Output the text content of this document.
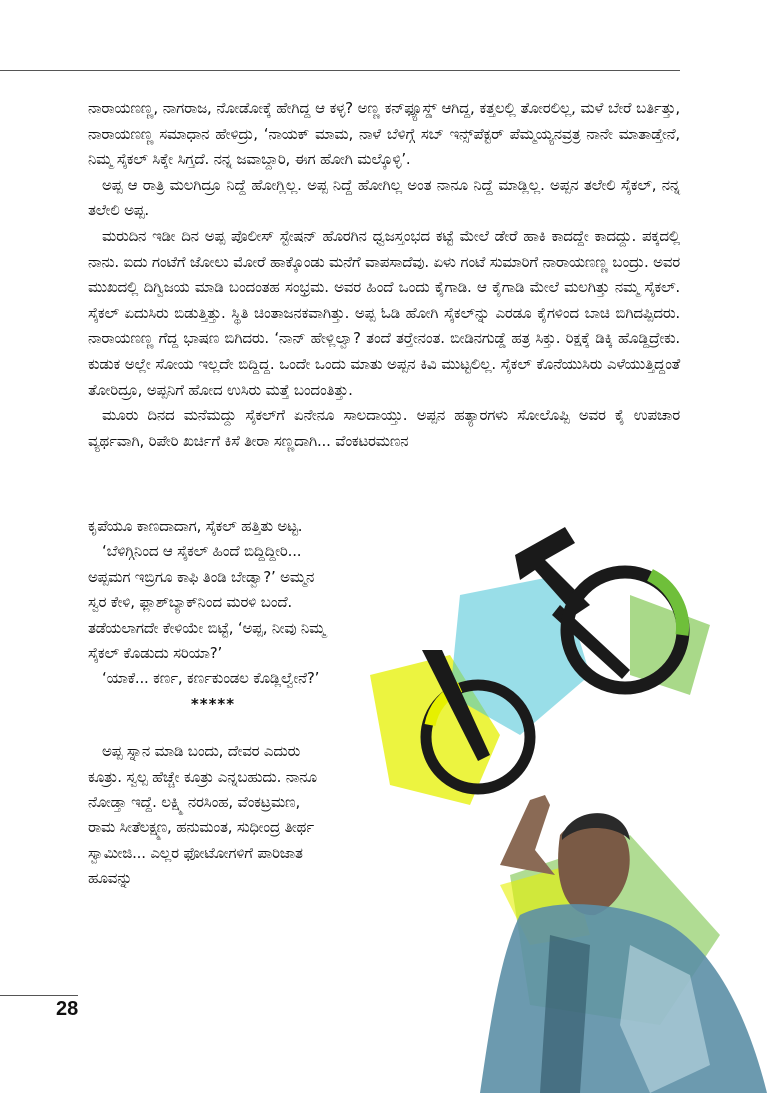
ನಾರಾಯಣಣ್ಣ, ನಾಗರಾಜ, ನೋಡೋಕ್ಕೆ ಹೇಗಿದ್ದ ಆ ಕಳ್ಳ? ಅಣ್ಣ ಕನ್‌ಫ್ಯೂಸ್ಡ್ ಆಗಿದ್ದ, ಕತ್ತಲಲ್ಲಿ ತೋರಲಿಲ್ಲ, ಮಳೆ ಬೇರೆ ಬರ್ತಿತ್ತು, ನಾರಾಯಣಣ್ಣ ಸಮಾಧಾನ ಹೇಳಿದ್ರು, ‘ನಾಯಕ್ ಮಾಮ, ನಾಳೆ ಬೆಳಿಗ್ಗೆ ಸಬ್ ಇನ್ಸ್‌ಪೆಕ್ಟರ್ ಪೆಮ್ಮಯ್ಯನವ್ರತ್ರ ನಾನೇ ಮಾತಾಡ್ತೇನೆ, ನಿಮ್ಮ ಸೈಕಲ್ ಸಿಕ್ಕೇ ಸಿಗ್ತದೆ. ನನ್ನ ಜವಾಬ್ದಾರಿ, ಈಗ ಹೋಗಿ ಮಲ್ಕೊಳ್ಳಿ’.

ಅಪ್ಪ ಆ ರಾತ್ರಿ ಮಲಗಿದ್ರೂ ನಿದ್ದೆ ಹೋಗ್ಲಿಲ್ಲ. ಅಪ್ಪ ನಿದ್ದೆ ಹೋಗಿಲ್ಲ ಅಂತ ನಾನೂ ನಿದ್ದೆ ಮಾಡ್ಲಿಲ್ಲ. ಅಪ್ಪನ ತಲೇಲಿ ಸೈಕಲ್, ನನ್ನ ತಲೇಲಿ ಅಪ್ಪ.

ಮರುದಿನ ಇಡೀ ದಿನ ಅಪ್ಪ ಪೊಲೀಸ್ ಸ್ಟೇಷನ್ ಹೊರಗಿನ ಧ್ವಜಸ್ತಂಭದ ಕಟ್ಟೆ ಮೇಲೆ ಡೇರೆ ಹಾಕಿ ಕಾದದ್ದೇ ಕಾದದ್ದು. ಪಕ್ಕದಲ್ಲಿ ನಾನು. ಐದು ಗಂಟೆಗೆ ಜೋಲು ಮೋರೆ ಹಾಕ್ಕೊಂಡು ಮನೆಗೆ ವಾಪಸಾದೆವು. ಏಳು ಗಂಟೆ ಸುಮಾರಿಗೆ ನಾರಾಯಣಣ್ಣ ಬಂದ್ರು. ಅವರ ಮುಖದಲ್ಲಿ ದಿಗ್ವಿಜಯ ಮಾಡಿ ಬಂದಂತಹ ಸಂಭ್ರಮ. ಅವರ ಹಿಂದೆ ಒಂದು ಕೈಗಾಡಿ. ಆ ಕೈಗಾಡಿ ಮೇಲೆ ಮಲಗಿತ್ತು ನಮ್ಮ ಸೈಕಲ್. ಸೈಕಲ್ ಏದುಸಿರು ಬಿಡುತ್ತಿತ್ತು. ಸ್ಥಿತಿ ಚಿಂತಾಜನಕವಾಗಿತ್ತು. ಅಪ್ಪ ಓಡಿ ಹೋಗಿ ಸೈಕಲ್‌ನ್ನು ಎರಡೂ ಕೈಗಳಿಂದ ಬಾಚಿ ಬಿಗಿದಪ್ಪಿದರು. ನಾರಾಯಣಣ್ಣ ಗೆದ್ದ ಭಾಷಣ ಬಿಗಿದರು. ‘ನಾನ್ ಹೇಳ್ಲಿಲ್ವಾ? ತಂದೆ ತರ್‍ತೇನಂತ. ಬೀಡಿನಗುಡ್ಡೆ ಹತ್ರ ಸಿಕ್ತು. ರಿಕ್ಷಕ್ಕೆ ಡಿಕ್ಕಿ ಹೊಡ್ದಿದ್ರೇಕು. ಕುಡುಕ ಅಲ್ಲೇ ಸೋಯ ಇಲ್ಲದೇ ಬಿದ್ದಿದ್ದ. ಒಂದೇ ಒಂದು ಮಾತು ಅಪ್ಪನ ಕಿವಿ ಮುಟ್ಟಲಿಲ್ಲ. ಸೈಕಲ್ ಕೊನೆಯುಸಿರು ಎಳೆಯುತ್ತಿದ್ದಂತೆ ತೋರಿದ್ರೂ, ಅಪ್ಪನಿಗೆ ಹೋದ ಉಸಿರು ಮತ್ತೆ ಬಂದಂತಿತ್ತು.

ಮೂರು ದಿನದ ಮನೆಮದ್ದು ಸೈಕಲ್‌ಗೆ ಏನೇನೂ ಸಾಲದಾಯ್ತು. ಅಪ್ಪನ ಹತ್ಯಾರಗಳು ಸೋಲೊಪ್ಪಿ ಅವರ ಕೈ ಉಪಚಾರ ವ್ಯರ್ಥವಾಗಿ, ರಿಪೇರಿ ಖರ್ಚಿಗೆ ಕಿಸೆ ತೀರಾ ಸಣ್ಣದಾಗಿ... ವೆಂಕಟರಮಣನ

ಕೃಪೆಯೂ ಕಾಣದಾದಾಗ, ಸೈಕಲ್ ಹತ್ತಿತು ಅಟ್ಟ.

‘ಬೆಳಿಗ್ಗಿನಿಂದ ಆ ಸೈಕಲ್ ಹಿಂದೆ ಬಿದ್ದಿದ್ದೀರಿ... ಅಪ್ಪಮಗ ಇಬ್ರಿಗೂ ಕಾಫಿ ತಿಂಡಿ ಬೇಡ್ವಾ?’ ಅಮ್ಮನ ಸ್ವರ ಕೇಳಿ, ಫ್ಲಾಶ್‌ಬ್ಯಾಕ್‌ನಿಂದ ಮರಳಿ ಬಂದೆ. ತಡೆಯಲಾಗದೇ ಕೇಳಿಯೇ ಬಿಟ್ಟೆ, ‘ಅಪ್ಪ, ನೀವು ನಿಮ್ಮ ಸೈಕಲ್ ಕೊಡುದು ಸರಿಯಾ?’

‘ಯಾಕೆ... ಕರ್ಣ, ಕರ್ಣಕುಂಡಲ ಕೊಡ್ಲಿಲ್ವೇನೆ?’

*****

ಅಪ್ಪ ಸ್ನಾನ ಮಾಡಿ ಬಂದು, ದೇವರ ಎದುರು ಕೂತ್ರು. ಸ್ವಲ್ಪ ಹೆಚ್ಚೇ ಕೂತ್ರು ಎನ್ನಬಹುದು. ನಾನೂ ನೋಡ್ತಾ ಇದ್ದೆ. ಲಕ್ಷ್ಮಿ ನರಸಿಂಹ, ವೆಂಕಟ್ರಮಣ, ರಾಮ ಸೀತೆಲಕ್ಷ್ಮಣ, ಹನುಮಂತ, ಸುಧೀಂದ್ರ ತೀರ್ಥ ಸ್ವಾಮೀಜಿ... ಎಲ್ಲರ ಫೋಟೋಗಳಿಗೆ ಪಾರಿಜಾತ ಹೂವನ್ನು

28
